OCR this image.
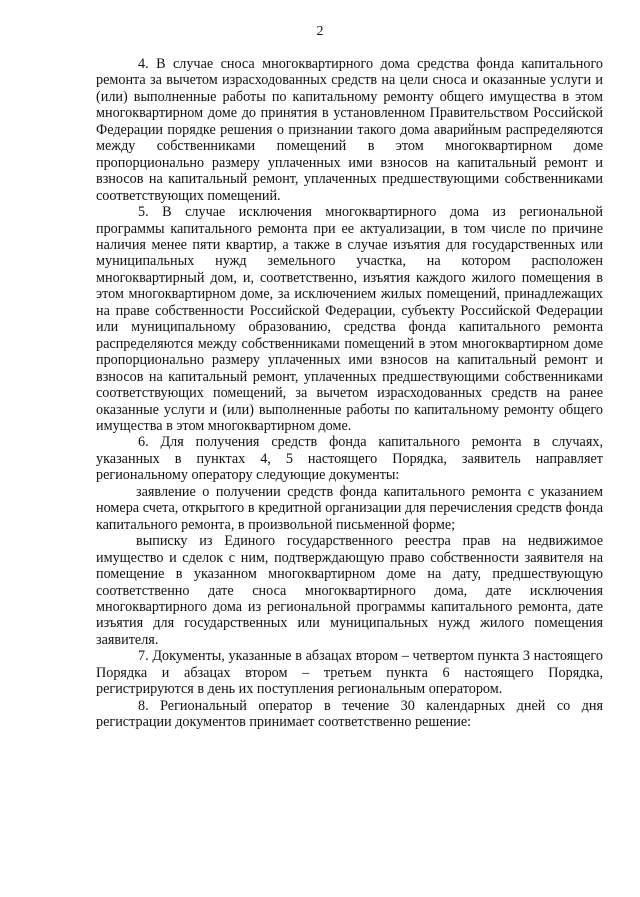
2

4. В случае сноса многоквартирного дома средства фонда капитального ремонта за вычетом израсходованных средств на цели сноса и оказанные услуги и (или) выполненные работы по капитальному ремонту общего имущества в этом многоквартирном доме до принятия в установленном Правительством Российской Федерации порядке решения о признании такого дома аварийным распределяются между собственниками помещений в этом многоквартирном доме пропорционально размеру уплаченных ими взносов на капитальный ремонт и взносов на капитальный ремонт, уплаченных предшествующими собственниками соответствующих помещений.

5. В случае исключения многоквартирного дома из региональной программы капитального ремонта при ее актуализации, в том числе по причине наличия менее пяти квартир, а также в случае изъятия для государственных или муниципальных нужд земельного участка, на котором расположен многоквартирный дом, и, соответственно, изъятия каждого жилого помещения в этом многоквартирном доме, за исключением жилых помещений, принадлежащих на праве собственности Российской Федерации, субъекту Российской Федерации или муниципальному образованию, средства фонда капитального ремонта распределяются между собственниками помещений в этом многоквартирном доме пропорционально размеру уплаченных ими взносов на капитальный ремонт и взносов на капитальный ремонт, уплаченных предшествующими собственниками соответствующих помещений, за вычетом израсходованных средств на ранее оказанные услуги и (или) выполненные работы по капитальному ремонту общего имущества в этом многоквартирном доме.

6. Для получения средств фонда капитального ремонта в случаях, указанных в пунктах 4, 5 настоящего Порядка, заявитель направляет региональному оператору следующие документы:

заявление о получении средств фонда капитального ремонта с указанием номера счета, открытого в кредитной организации для перечисления средств фонда капитального ремонта, в произвольной письменной форме;

выписку из Единого государственного реестра прав на недвижимое имущество и сделок с ним, подтверждающую право собственности заявителя на помещение в указанном многоквартирном доме на дату, предшествующую соответственно дате сноса многоквартирного дома, дате исключения многоквартирного дома из региональной программы капитального ремонта, дате изъятия для государственных или муниципальных нужд жилого помещения заявителя.

7. Документы, указанные в абзацах втором – четвертом пункта 3 настоящего Порядка и абзацах втором – третьем пункта 6 настоящего Порядка, регистрируются в день их поступления региональным оператором.

8. Региональный оператор в течение 30 календарных дней со дня регистрации документов принимает соответственно решение:
